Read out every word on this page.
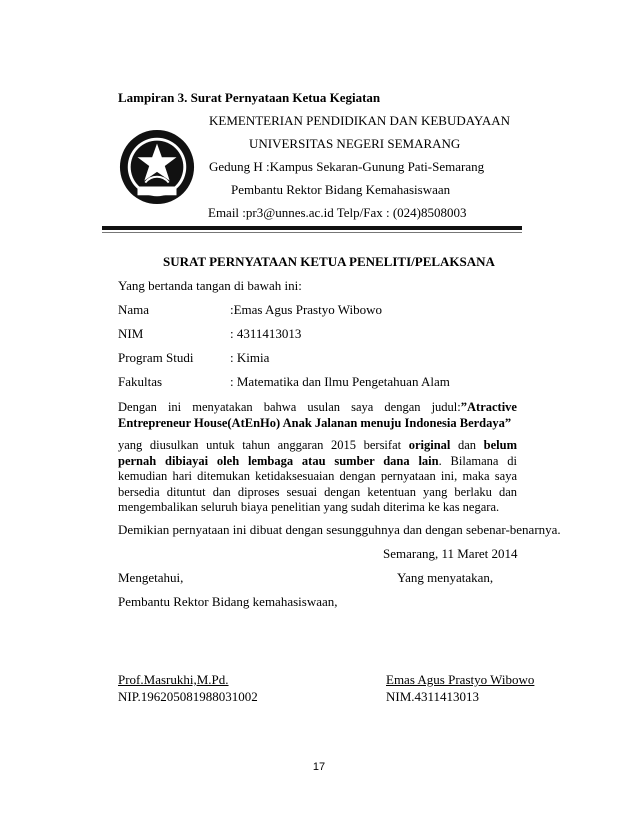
Lampiran 3. Surat Pernyataan Ketua Kegiatan
KEMENTERIAN PENDIDIKAN DAN KEBUDAYAAN
UNIVERSITAS NEGERI SEMARANG
Gedung H :Kampus Sekaran-Gunung Pati-Semarang
Pembantu Rektor Bidang Kemahasiswaan
Email :pr3@unnes.ac.id Telp/Fax : (024)8508003
SURAT PERNYATAAN KETUA PENELITI/PELAKSANA
Yang bertanda tangan di bawah ini:
Nama	:Emas Agus Prastyo Wibowo
NIM	: 4311413013
Program Studi	: Kimia
Fakultas	: Matematika dan Ilmu Pengetahuan Alam
Dengan ini menyatakan bahwa usulan saya dengan judul:”Atractive Entrepreneur House(AtEnHo) Anak Jalanan menuju Indonesia Berdaya”
yang diusulkan untuk tahun anggaran 2015 bersifat original dan belum pernah dibiayai oleh lembaga atau sumber dana lain. Bilamana di kemudian hari ditemukan ketidaksesuaian dengan pernyataan ini, maka saya bersedia dituntut dan diproses sesuai dengan ketentuan yang berlaku dan mengembalikan seluruh biaya penelitian yang sudah diterima ke kas negara.
Demikian pernyataan ini dibuat dengan sesungguhnya dan dengan sebenar-benarnya.
Semarang, 11 Maret 2014
Mengetahui,	Yang menyatakan,
Pembantu Rektor Bidang kemahasiswaan,
Prof.Masrukhi,M.Pd.
NIP.196205081988031002
Emas Agus Prastyo Wibowo
NIM.4311413013
17
